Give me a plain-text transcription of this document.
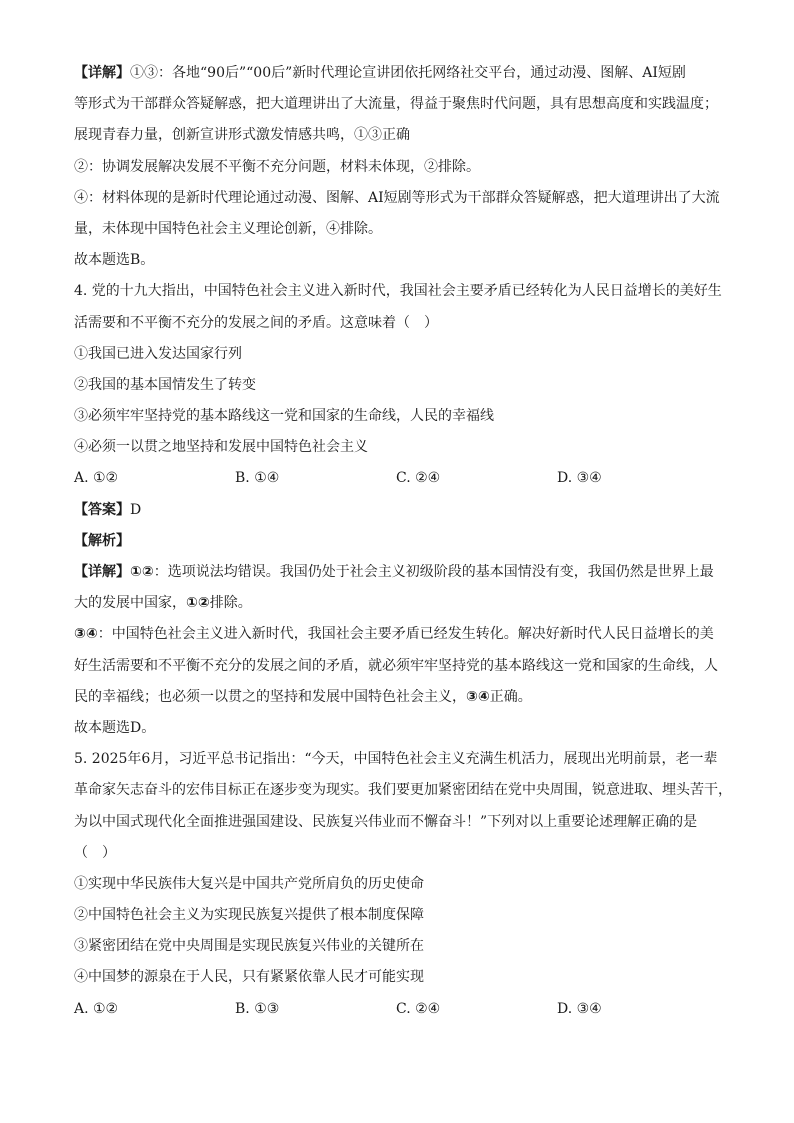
【详解】①③：各地“90后”“00后”新时代理论宣讲团依托网络社交平台，通过动漫、图解、AI短剧
等形式为干部群众答疑解惑，把大道理讲出了大流量，得益于聚焦时代问题，具有思想高度和实践温度；
展现青春力量，创新宣讲形式激发情感共鸣，①③正确
②：协调发展解决发展不平衡不充分问题，材料未体现，②排除。
④：材料体现的是新时代理论通过动漫、图解、AI短剧等形式为干部群众答疑解惑，把大道理讲出了大流
量，未体现中国特色社会主义理论创新，④排除。
故本题选B。
4. 党的十九大指出，中国特色社会主义进入新时代，我国社会主要矛盾已经转化为人民日益增长的美好生
活需要和不平衡不充分的发展之间的矛盾。这意味着（　）
①我国已进入发达国家行列
②我国的基本国情发生了转变
③必须牢牢坚持党的基本路线这一党和国家的生命线，人民的幸福线
④必须一以贯之地坚持和发展中国特色社会主义
A. ①②	B. ①④	C. ②④	D. ③④
【答案】D
【解析】
【详解】①②：选项说法均错误。我国仍处于社会主义初级阶段的基本国情没有变，我国仍然是世界上最
大的发展中国家，①②排除。
③④：中国特色社会主义进入新时代，我国社会主要矛盾已经发生转化。解决好新时代人民日益增长的美
好生活需要和不平衡不充分的发展之间的矛盾，就必须牢牢坚持党的基本路线这一党和国家的生命线，人
民的幸福线；也必须一以贯之的坚持和发展中国特色社会主义，③④正确。
故本题选D。
5. 2025年6月，习近平总书记指出：“今天，中国特色社会主义充满生机活力，展现出光明前景，老一辈
革命家矢志奋斗的宏伟目标正在逐步变为现实。我们要更加紧密团结在党中央周围，锐意进取、埋头苦干，
为以中国式现代化全面推进强国建设、民族复兴伟业而不懈奋斗！”下列对以上重要论述理解正确的是
（　）
①实现中华民族伟大复兴是中国共产党所肩负的历史使命
②中国特色社会主义为实现民族复兴提供了根本制度保障
③紧密团结在党中央周围是实现民族复兴伟业的关键所在
④中国梦的源泉在于人民，只有紧紧依靠人民才可能实现
A. ①②	B. ①③	C. ②④	D. ③④
